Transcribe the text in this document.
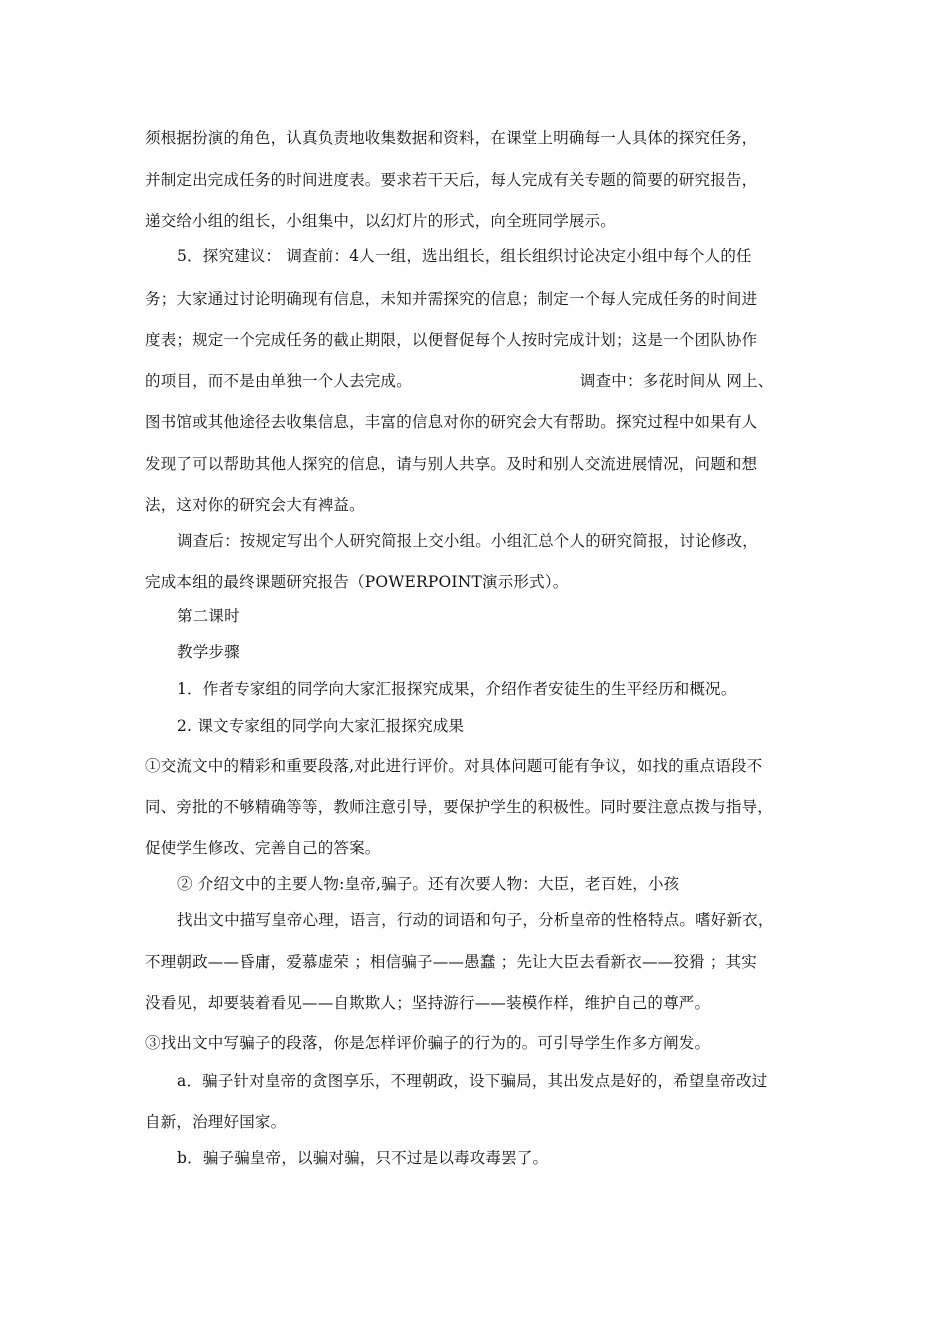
须根据扮演的角色，认真负责地收集数据和资料，在课堂上明确每一人具体的探究任务，
并制定出完成任务的时间进度表。要求若干天后，每人完成有关专题的简要的研究报告，
递交给小组的组长，小组集中，以幻灯片的形式，向全班同学展示。
5．探究建议： 调查前：4人一组，选出组长，组长组织讨论决定小组中每个人的任
务；大家通过讨论明确现有信息，未知并需探究的信息；制定一个每人完成任务的时间进
度表；规定一个完成任务的截止期限，以便督促每个人按时完成计划；这是一个团队协作
的项目，而不是由单独一个人去完成。	调查中：多花时间从 网上、
图书馆或其他途径去收集信息，丰富的信息对你的研究会大有帮助。探究过程中如果有人
发现了可以帮助其他人探究的信息，请与别人共享。及时和别人交流进展情况，问题和想
法，这对你的研究会大有裨益。
调查后：按规定写出个人研究简报上交小组。小组汇总个人的研究简报，讨论修改，
完成本组的最终课题研究报告（POWERPOINT演示形式）。
第二课时
教学步骤
1．作者专家组的同学向大家汇报探究成果，介绍作者安徒生的生平经历和概况。
2. 课文专家组的同学向大家汇报探究成果
①交流文中的精彩和重要段落,对此进行评价。对具体问题可能有争议，如找的重点语段不
同、旁批的不够精确等等，教师注意引导，要保护学生的积极性。同时要注意点拨与指导，
促使学生修改、完善自己的答案。
② 介绍文中的主要人物:皇帝,骗子。还有次要人物：大臣，老百姓，小孩
找出文中描写皇帝心理，语言，行动的词语和句子，分析皇帝的性格特点。嗜好新衣，
不理朝政——昏庸，爱慕虚荣 ；相信骗子——愚蠢 ；先让大臣去看新衣——狡猾 ；其实
没看见，却要装着看见——自欺欺人；坚持游行——装模作样，维护自己的尊严。
③找出文中写骗子的段落，你是怎样评价骗子的行为的。可引导学生作多方阐发。
a．骗子针对皇帝的贪图享乐，不理朝政，设下骗局，其出发点是好的，希望皇帝改过
自新，治理好国家。
b．骗子骗皇帝，以骗对骗，只不过是以毒攻毒罢了。
